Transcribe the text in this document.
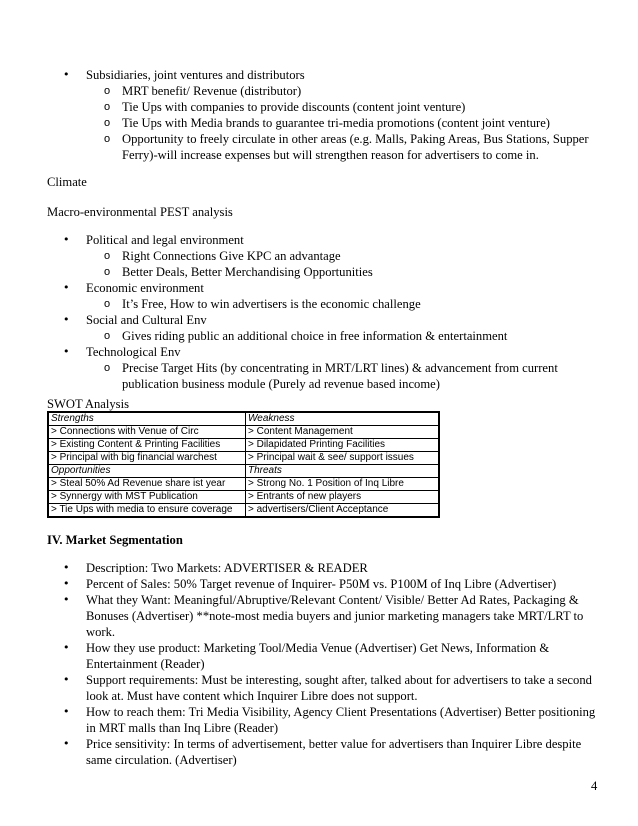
• Subsidiaries, joint ventures and distributors
o MRT benefit/ Revenue (distributor)
o Tie Ups with companies to provide discounts (content joint venture)
o Tie Ups with Media brands to guarantee tri-media promotions (content joint venture)
o Opportunity to freely circulate in other areas (e.g. Malls, Paking Areas, Bus Stations, Supper Ferry)-will increase expenses but will strengthen reason for advertisers to come in.
Climate
Macro-environmental PEST analysis
• Political and legal environment
o Right Connections Give KPC an advantage
o Better Deals, Better Merchandising Opportunities
• Economic environment
o It’s Free, How to win advertisers is the economic challenge
• Social and Cultural Env
o Gives riding public an additional choice in free information & entertainment
• Technological Env
o Precise Target Hits (by concentrating in MRT/LRT lines) & advancement from current publication business module (Purely ad revenue based income)
SWOT Analysis
Strengths	Weakness
> Connections with Venue of Circ	> Content Management
> Existing Content & Printing Facilities	> Dilapidated Printing Facilities
> Principal with big financial warchest	> Principal wait & see/ support issues
Opportunities	Threats
> Steal 50% Ad Revenue share ist year	> Strong No. 1 Position of Inq Libre
> Synnergy with MST Publication	> Entrants of new players
> Tie Ups with media to ensure coverage	> advertisers/Client Acceptance
IV. Market Segmentation
• Description: Two Markets: ADVERTISER & READER
• Percent of Sales: 50% Target revenue of Inquirer- P50M vs. P100M of Inq Libre (Advertiser)
• What they Want: Meaningful/Abruptive/Relevant Content/ Visible/ Better Ad Rates, Packaging & Bonuses (Advertiser) **note-most media buyers and junior marketing managers take MRT/LRT to work.
• How they use product: Marketing Tool/Media Venue (Advertiser) Get News, Information & Entertainment (Reader)
• Support requirements: Must be interesting, sought after, talked about for advertisers to take a second look at. Must have content which Inquirer Libre does not support.
• How to reach them: Tri Media Visibility, Agency Client Presentations (Advertiser) Better positioning in MRT malls than Inq Libre (Reader)
• Price sensitivity: In terms of advertisement, better value for advertisers than Inquirer Libre despite same circulation. (Advertiser)
4
